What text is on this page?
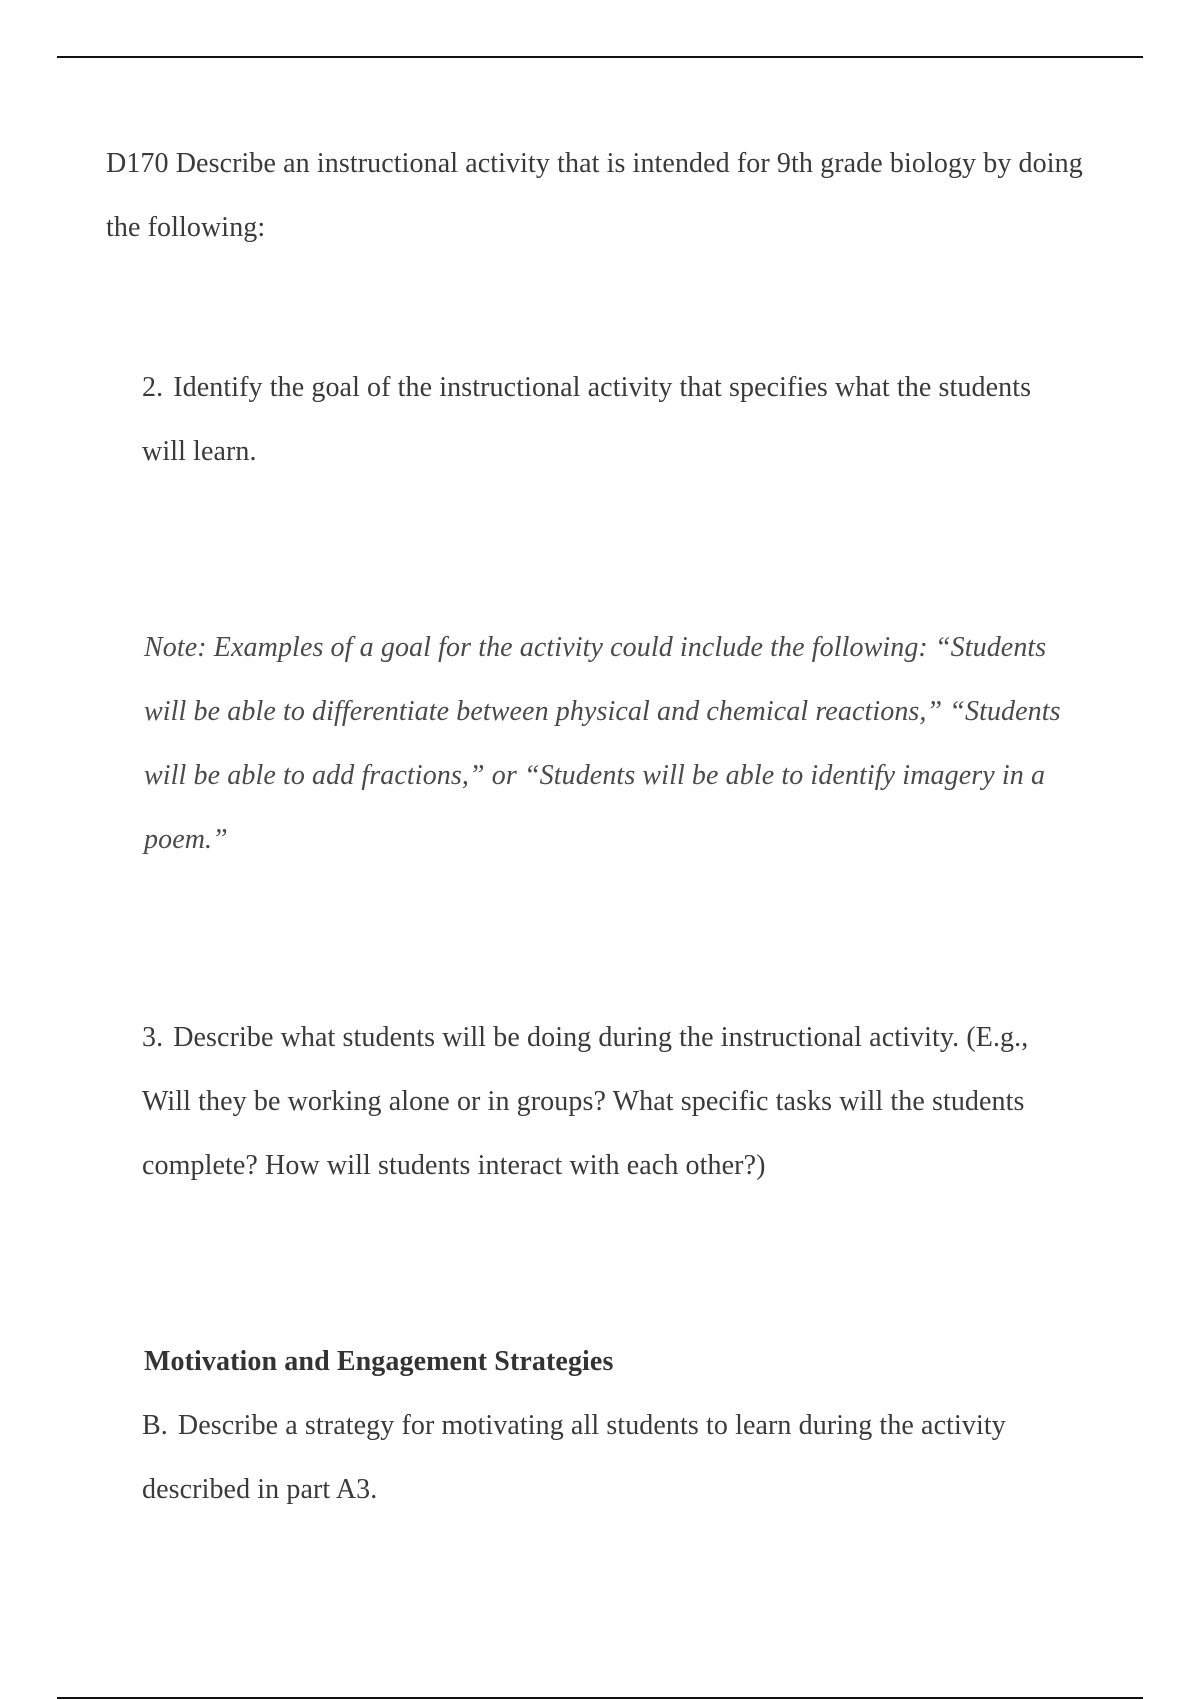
D170 Describe an instructional activity that is intended for 9th grade biology by doing the following:
2. Identify the goal of the instructional activity that specifies what the students will learn.
Note: Examples of a goal for the activity could include the following: “Students will be able to differentiate between physical and chemical reactions,” “Students will be able to add fractions,” or “Students will be able to identify imagery in a poem.”
3. Describe what students will be doing during the instructional activity. (E.g., Will they be working alone or in groups? What specific tasks will the students complete? How will students interact with each other?)
Motivation and Engagement Strategies
B. Describe a strategy for motivating all students to learn during the activity described in part A3.
